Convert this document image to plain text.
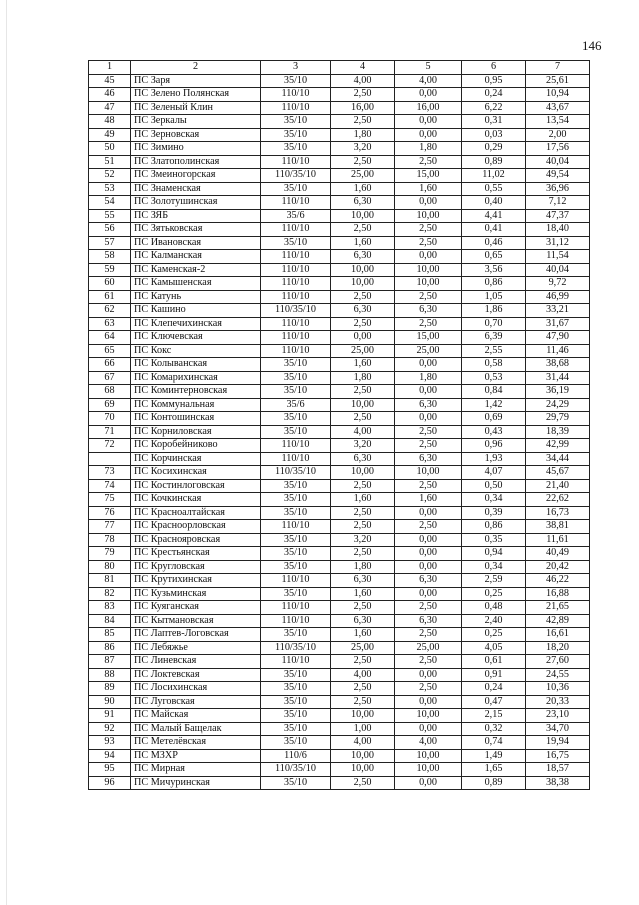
146
1	2	3	4	5	6	7
45	ПС Заря	35/10	4,00	4,00	0,95	25,61
46	ПС Зелено Полянская	110/10	2,50	0,00	0,24	10,94
47	ПС Зеленый Клин	110/10	16,00	16,00	6,22	43,67
48	ПС Зеркалы	35/10	2,50	0,00	0,31	13,54
49	ПС Зерновская	35/10	1,80	0,00	0,03	2,00
50	ПС Зимино	35/10	3,20	1,80	0,29	17,56
51	ПС Златополинская	110/10	2,50	2,50	0,89	40,04
52	ПС Змеиногорская	110/35/10	25,00	15,00	11,02	49,54
53	ПС Знаменская	35/10	1,60	1,60	0,55	36,96
54	ПС Золотушинская	110/10	6,30	0,00	0,40	7,12
55	ПС ЗЯБ	35/6	10,00	10,00	4,41	47,37
56	ПС Зятьковская	110/10	2,50	2,50	0,41	18,40
57	ПС Ивановская	35/10	1,60	2,50	0,46	31,12
58	ПС Калманская	110/10	6,30	0,00	0,65	11,54
59	ПС Каменская-2	110/10	10,00	10,00	3,56	40,04
60	ПС Камышенская	110/10	10,00	10,00	0,86	9,72
61	ПС Катунь	110/10	2,50	2,50	1,05	46,99
62	ПС Кашино	110/35/10	6,30	6,30	1,86	33,21
63	ПС Клепечихинская	110/10	2,50	2,50	0,70	31,67
64	ПС Ключевская	110/10	0,00	15,00	6,39	47,90
65	ПС Кокс	110/10	25,00	25,00	2,55	11,46
66	ПС Колыванская	35/10	1,60	0,00	0,58	38,68
67	ПС Комарихинская	35/10	1,80	1,80	0,53	31,44
68	ПС Коминтерновская	35/10	2,50	0,00	0,84	36,19
69	ПС Коммунальная	35/6	10,00	6,30	1,42	24,29
70	ПС Контошинская	35/10	2,50	0,00	0,69	29,79
71	ПС Корниловская	35/10	4,00	2,50	0,43	18,39
72	ПС Коробейниково	110/10	3,20	2,50	0,96	42,99
	ПС Корчинская	110/10	6,30	6,30	1,93	34,44
73	ПС Косихинская	110/35/10	10,00	10,00	4,07	45,67
74	ПС Костинлоговская	35/10	2,50	2,50	0,50	21,40
75	ПС Кочкинская	35/10	1,60	1,60	0,34	22,62
76	ПС Красноалтайская	35/10	2,50	0,00	0,39	16,73
77	ПС Красноорловская	110/10	2,50	2,50	0,86	38,81
78	ПС Краснояровская	35/10	3,20	0,00	0,35	11,61
79	ПС Крестьянская	35/10	2,50	0,00	0,94	40,49
80	ПС Кругловская	35/10	1,80	0,00	0,34	20,42
81	ПС Крутихинская	110/10	6,30	6,30	2,59	46,22
82	ПС Кузьминская	35/10	1,60	0,00	0,25	16,88
83	ПС Куяганская	110/10	2,50	2,50	0,48	21,65
84	ПС Кытмановская	110/10	6,30	6,30	2,40	42,89
85	ПС Лаптев-Логовская	35/10	1,60	2,50	0,25	16,61
86	ПС Лебяжье	110/35/10	25,00	25,00	4,05	18,20
87	ПС Линевская	110/10	2,50	2,50	0,61	27,60
88	ПС Локтевская	35/10	4,00	0,00	0,91	24,55
89	ПС Лосихинская	35/10	2,50	2,50	0,24	10,36
90	ПС Луговская	35/10	2,50	0,00	0,47	20,33
91	ПС Майская	35/10	10,00	10,00	2,15	23,10
92	ПС Малый Бащелак	35/10	1,00	0,00	0,32	34,70
93	ПС Метелёвская	35/10	4,00	4,00	0,74	19,94
94	ПС МЗХР	110/6	10,00	10,00	1,49	16,75
95	ПС Мирная	110/35/10	10,00	10,00	1,65	18,57
96	ПС Мичуринская	35/10	2,50	0,00	0,89	38,38
